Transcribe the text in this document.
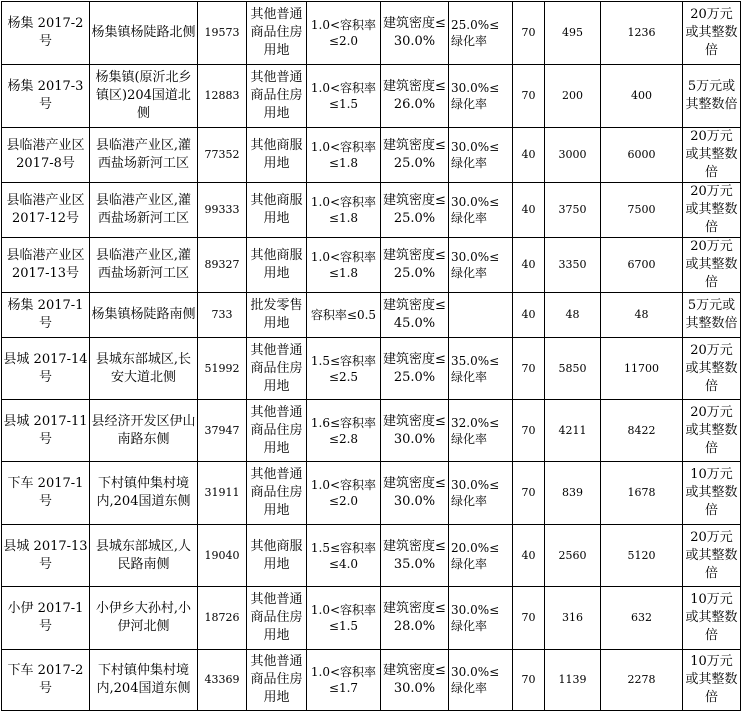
杨集 2017-2号	杨集镇杨陡路北侧	19573	其他普通商品住房用地	1.0<容积率≤2.0	建筑密度≤30.0%	25.0%≤绿化率	70	495	1236	20万元或其整数倍
杨集 2017-3号	杨集镇(原沂北乡镇区)204国道北侧	12883	其他普通商品住房用地	1.0<容积率≤1.5	建筑密度≤26.0%	30.0%≤绿化率	70	200	400	5万元或其整数倍
县临港产业区2017-8号	县临港产业区,灌西盐场新河工区	77352	其他商服用地	1.0<容积率≤1.8	建筑密度≤25.0%	30.0%≤绿化率	40	3000	6000	20万元或其整数倍
县临港产业区2017-12号	县临港产业区,灌西盐场新河工区	99333	其他商服用地	1.0<容积率≤1.8	建筑密度≤25.0%	30.0%≤绿化率	40	3750	7500	20万元或其整数倍
县临港产业区2017-13号	县临港产业区,灌西盐场新河工区	89327	其他商服用地	1.0<容积率≤1.8	建筑密度≤25.0%	30.0%≤绿化率	40	3350	6700	20万元或其整数倍
杨集 2017-1号	杨集镇杨陡路南侧	733	批发零售用地	容积率≤0.5	建筑密度≤45.0%		40	48	48	5万元或其整数倍
县城 2017-14号	县城东部城区,长安大道北侧	51992	其他普通商品住房用地	1.5≤容积率≤2.5	建筑密度≤25.0%	35.0%≤绿化率	70	5850	11700	20万元或其整数倍
县城 2017-11号	县经济开发区伊山南路东侧	37947	其他普通商品住房用地	1.6≤容积率≤2.8	建筑密度≤30.0%	32.0%≤绿化率	70	4211	8422	20万元或其整数倍
下车 2017-1号	下村镇仲集村境内,204国道东侧	31911	其他普通商品住房用地	1.0<容积率≤2.0	建筑密度≤30.0%	30.0%≤绿化率	70	839	1678	10万元或其整数倍
县城 2017-13号	县城东部城区,人民路南侧	19040	其他商服用地	1.5≤容积率≤4.0	建筑密度≤35.0%	20.0%≤绿化率	40	2560	5120	20万元或其整数倍
小伊 2017-1号	小伊乡大孙村,小伊河北侧	18726	其他普通商品住房用地	1.0<容积率≤1.5	建筑密度≤28.0%	30.0%≤绿化率	70	316	632	10万元或其整数倍
下车 2017-2号	下村镇仲集村境内,204国道东侧	43369	其他普通商品住房用地	1.0<容积率≤1.7	建筑密度≤30.0%	30.0%≤绿化率	70	1139	2278	10万元或其整数倍
